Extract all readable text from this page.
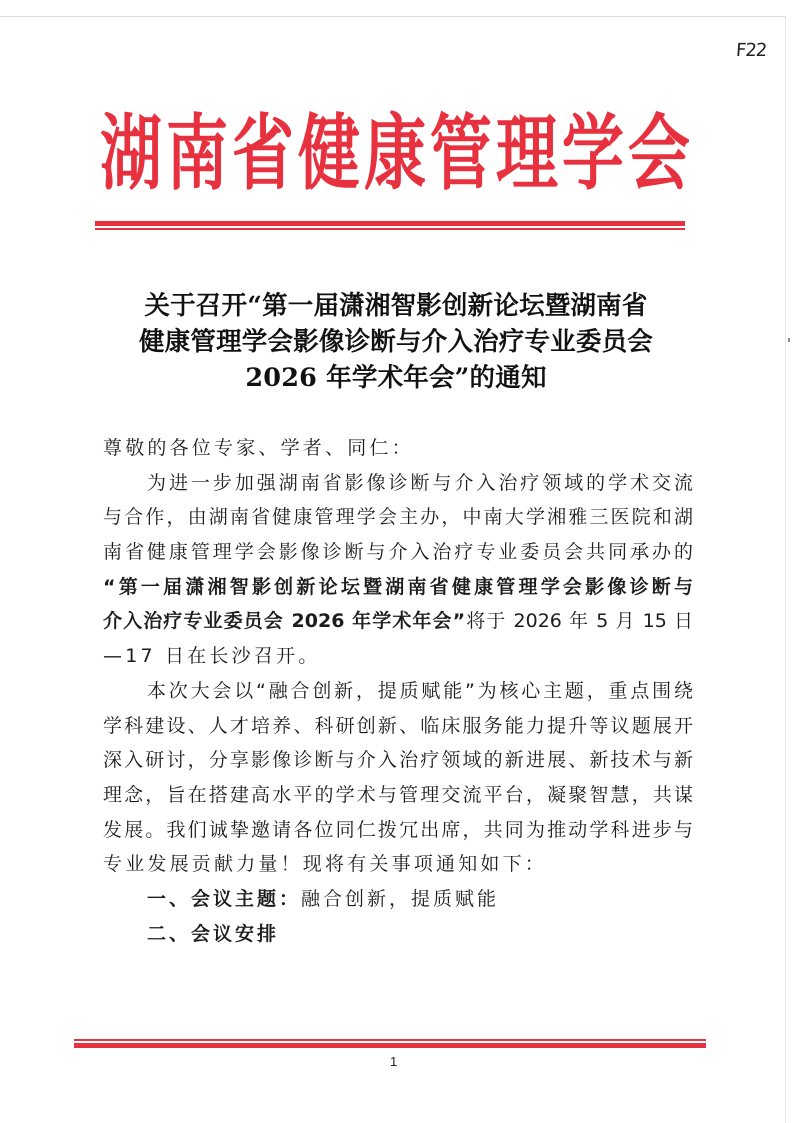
F22
湖 南 省 健 康 管 理 学 会
关于召开“第一届潇湘智影创新论坛暨湖南省
健康管理学会影像诊断与介入治疗专业委员会
2026 年学术年会”的通知
尊敬的各位专家、学者、同仁：
为进一步加强湖南省影像诊断与介入治疗领域的学术交流
与合作，由湖南省健康管理学会主办，中南大学湘雅三医院和湖
南省健康管理学会影像诊断与介入治疗专业委员会共同承办的
“第一届潇湘智影创新论坛暨湖南省健康管理学会影像诊断与
介入治疗专业委员会 2026 年学术年会”将于 2026 年 5 月 15 日
—17 日在长沙召开。
本次大会以“融合创新，提质赋能”为核心主题，重点围绕
学科建设、人才培养、科研创新、临床服务能力提升等议题展开
深入研讨，分享影像诊断与介入治疗领域的新进展、新技术与新
理念，旨在搭建高水平的学术与管理交流平台，凝聚智慧，共谋
发展。我们诚挚邀请各位同仁拨冗出席，共同为推动学科进步与
专业发展贡献力量！现将有关事项通知如下：
一、会议主题：融合创新，提质赋能
二、会议安排
1
